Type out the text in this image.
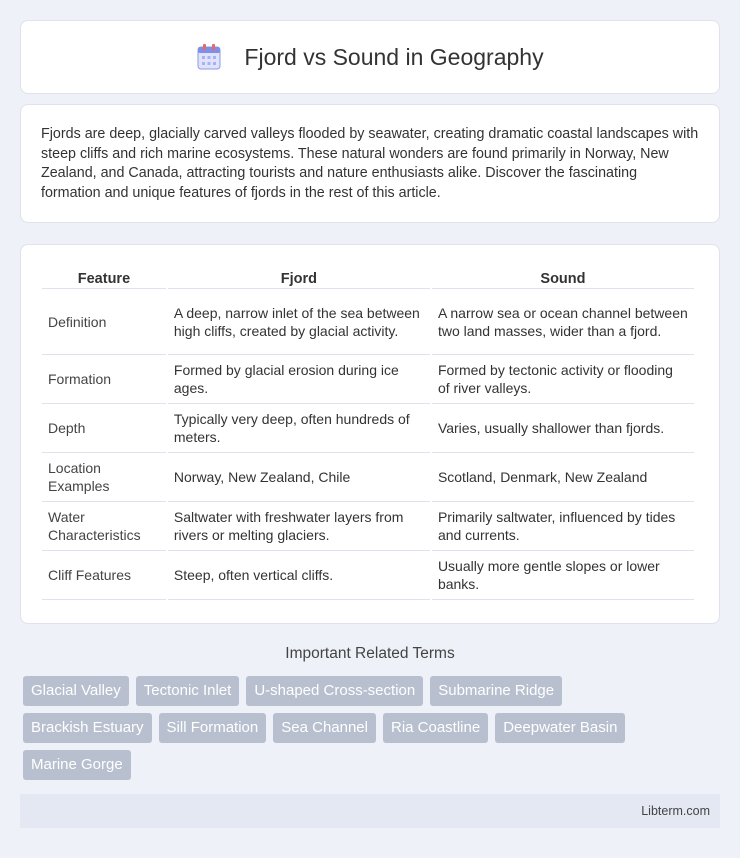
Fjord vs Sound in Geography

Fjords are deep, glacially carved valleys flooded by seawater, creating dramatic coastal landscapes with steep cliffs and rich marine ecosystems. These natural wonders are found primarily in Norway, New Zealand, and Canada, attracting tourists and nature enthusiasts alike. Discover the fascinating formation and unique features of fjords in the rest of this article.

Feature	Fjord	Sound
Definition	A deep, narrow inlet of the sea between high cliffs, created by glacial activity.	A narrow sea or ocean channel between two land masses, wider than a fjord.
Formation	Formed by glacial erosion during ice ages.	Formed by tectonic activity or flooding of river valleys.
Depth	Typically very deep, often hundreds of meters.	Varies, usually shallower than fjords.
Location Examples	Norway, New Zealand, Chile	Scotland, Denmark, New Zealand
Water Characteristics	Saltwater with freshwater layers from rivers or melting glaciers.	Primarily saltwater, influenced by tides and currents.
Cliff Features	Steep, often vertical cliffs.	Usually more gentle slopes or lower banks.
Important Related Terms
Glacial Valley	Tectonic Inlet	U-shaped Cross-section	Submarine Ridge
Brackish Estuary	Sill Formation	Sea Channel	Ria Coastline	Deepwater Basin
Marine Gorge
Libterm.com
